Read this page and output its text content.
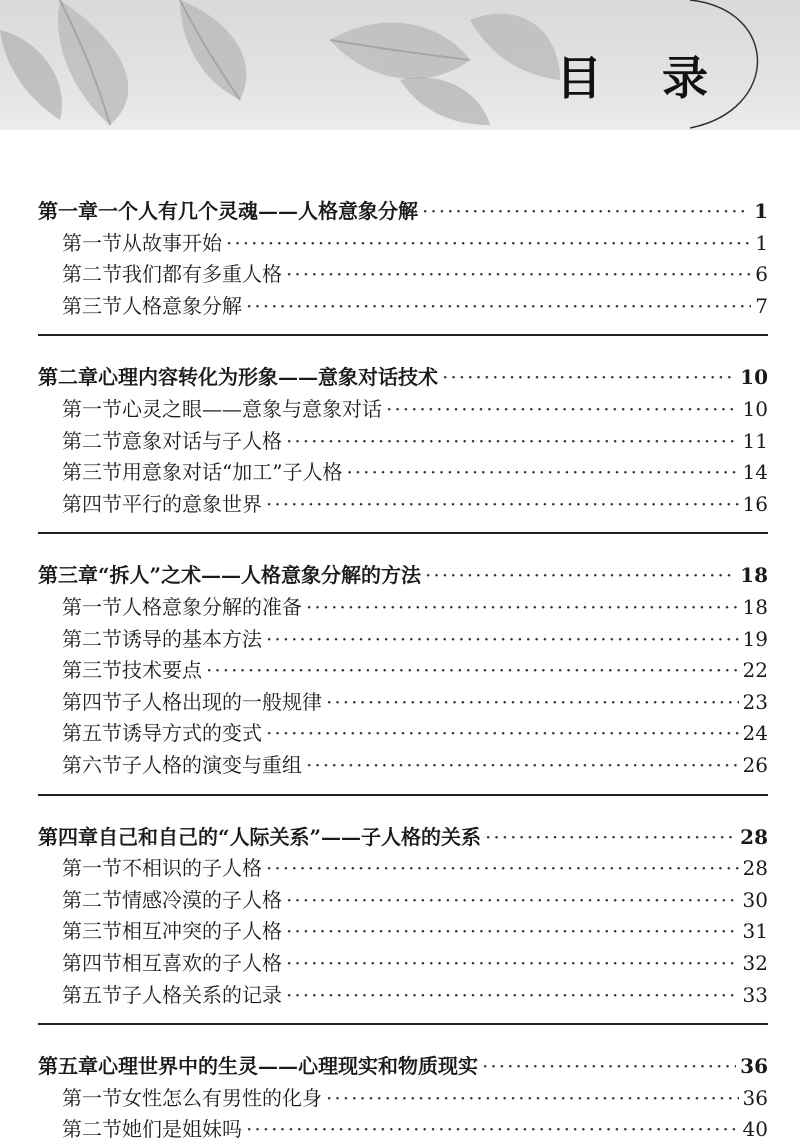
目 录
第一章 一个人有几个灵魂——人格意象分解 ·····	1
第一节 从故事开始 ·····	1
第二节 我们都有多重人格 ·····	6
第三节 人格意象分解 ·····	7
第二章 心理内容转化为形象——意象对话技术 ·····	10
第一节 心灵之眼——意象与意象对话 ·····	10
第二节 意象对话与子人格 ·····	11
第三节 用意象对话“加工”子人格 ·····	14
第四节 平行的意象世界 ·····	16
第三章 “拆人”之术——人格意象分解的方法 ·····	18
第一节 人格意象分解的准备 ·····	18
第二节 诱导的基本方法 ·····	19
第三节 技术要点 ·····	22
第四节 子人格出现的一般规律 ·····	23
第五节 诱导方式的变式 ·····	24
第六节 子人格的演变与重组 ·····	26
第四章 自己和自己的“人际关系”——子人格的关系 ·····	28
第一节 不相识的子人格 ·····	28
第二节 情感冷漠的子人格 ·····	30
第三节 相互冲突的子人格 ·····	31
第四节 相互喜欢的子人格 ·····	32
第五节 子人格关系的记录 ·····	33
第五章 心理世界中的生灵——心理现实和物质现实 ·····	36
第一节 女性怎么有男性的化身 ·····	36
第二节 她们是姐妹吗 ·····	40
